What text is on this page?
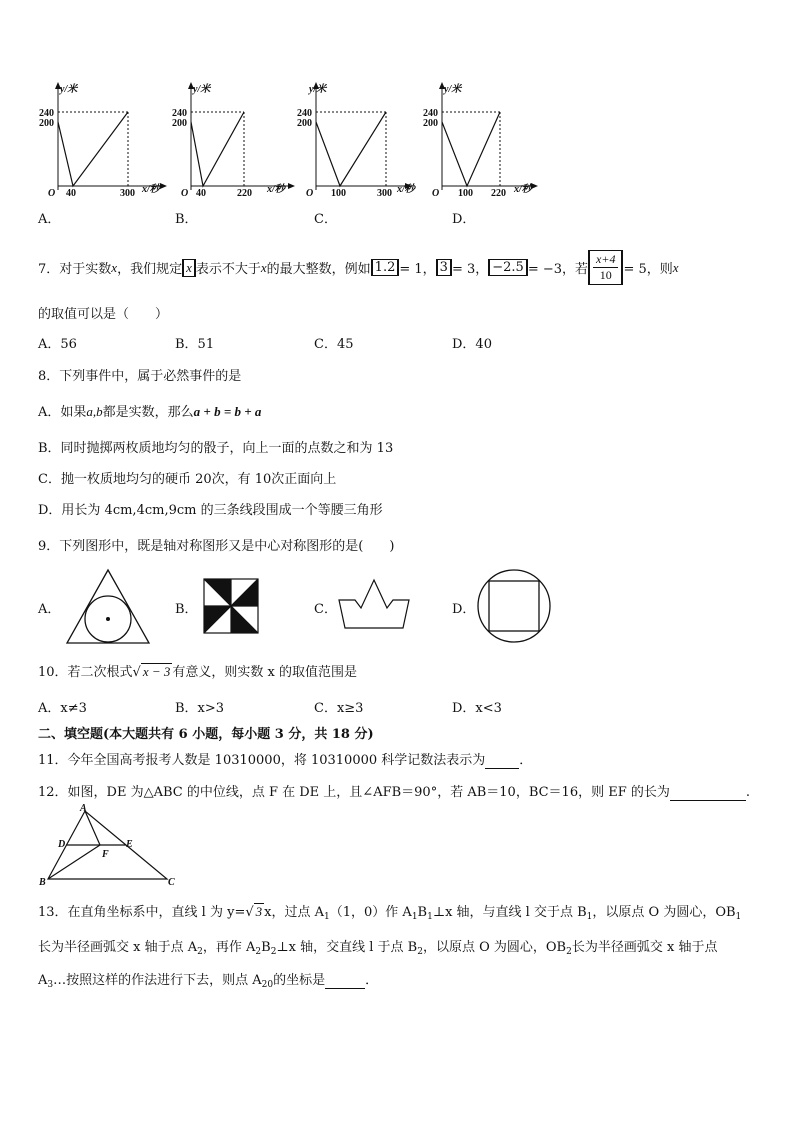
y/米
240
200
O 40	300 x/秒
y/米
240
200
O 40	220 x/秒
y/米
240
200
O 100	300 x/秒
y/米
240
200
O 100 220 x/秒
A．	B．	C．	D．
7．对于实数 x ，我们规定 x 表示不大于 x 的最大整数，例如 1.2 = 1， 3 = 3， −2.5 = −3，若 $\frac{x+4}{10} = 5$，则 x
的取值可以是（　　）
A．56	B．51	C．45	D．40
8．下列事件中，属于必然事件的是
A．如果a,b都是实数，那么a + b = b + a
B．同时抛掷两枚质地均匀的骰子，向上一面的点数之和为 13
C．抛一枚质地均匀的硬币 20次，有 10次正面向上
D．用长为 4cm,4cm,9cm 的三条线段围成一个等腰三角形
9．下列图形中，既是轴对称图形又是中心对称图形的是(　　)
A．	B．	C．	D．
10．若二次根式√ x − 3 有意义，则实数 x 的取值范围是
A．x≠3	B．x>3	C．x≥3	D．x<3
二、填空题(本大题共有 6 小题，每小题 3 分，共 18 分)
11．今年全国高考报考人数是 10310000，将 10310000 科学记数法表示为	．
12．如图，DE 为△ABC 的中位线，点 F 在 DE 上，且∠AFB＝90°，若 AB＝10，BC＝16，则 EF 的长为	.
A
D	E
F
B	C
13．在直角坐标系中，直线 l 为 y=√ 3 x，过点 $A_1(1$，0）作 $A_1B_1\perp x$ 轴，与直线 l 交于点 $B_1$，以原点 O 为圆心，$OB_1$
长为半径画弧交 x 轴于点 $A_2$，再作 $A_2B_2\perp x$ 轴，交直线 l 于点 $B_2$，以原点 O 为圆心，$OB_2$长为半径画弧交 x 轴于点
$A_3\dots$按照这样的作法进行下去，则点 $A_{20}$的坐标是	．
